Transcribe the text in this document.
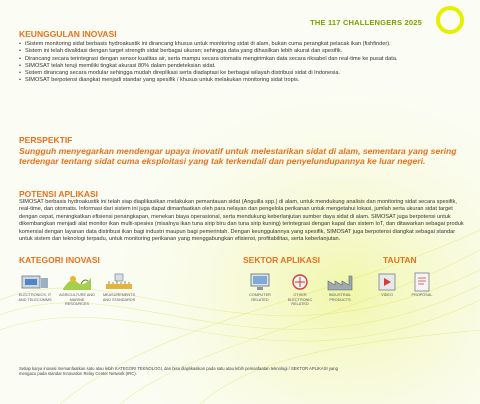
THE 117 CHALLENGERS 2025
KEUNGGULAN INOVASI
• iSistem monitoring sidat berbasis hydroakustik ini dirancang khusus untuk monitoring sidat di alam, bukan cuma perangkat pelacak ikan (fishfinder).
• Sistem ini telah divalidasi dengan target strength sidat berbagai ukuran; sehingga data yang dihasilkan lebih akurat dan spesifik.
• Dirancang secara terintegrasi dengan sensor kualitas air, serta mampu secara otomatis mengirimkan data secara riksabel dan real-time ke pusat data.
• SIMOSAT telah teruji memiliki tingkat akurasi 80% dalam pendeteksian sidat.
• Sistem dirancang secara modular sehingga mudah direplikasi serta diadaptasi ke berbagai wilayah distribusi sidat di Indonesia.
• SIMOSAT berpotensi diangkat menjadi standar yang spesifik / khusus untuk melakukan monitoring sidat tropis.
PERSPEKTIF
Sungguh menyegarkan mendengar upaya inovatif untuk melestarikan sidat di alam, sementara yang sering terdengar tentang sidat cuma eksploitasi yang tak terkendali dan penyelundupannya ke luar negeri.
POTENSI APLIKASI

SIMOSAT berbasis hydroakustik ini telah siap diaplikasikan melakukan pemantauan sidat (Anguilla spp.) di alam, untuk mendukung analisis dan monitoring sidat secara spesifik, real-time, dan otomatis. Informasi dari sistem ini juga dapat dimanfaatkan oleh para nelayan dan pengelola perikanan untuk mengetahui lokasi, jumlah serta ukuran sidat target dengan cepat, meningkatkan efisiensi penangkapan, menekan biaya operasional, serta mendukung keberlanjutan sumber daya sidat di alam. SIMOSAT juga berpotensi untuk dikembangkan menjadi alat monitor ikan multi-spesies (misalnya ikan tuna sirip biru dan tuna sirip kuning) terintegrasi dengan kapal dan sistem IoT, dan ditawarkan sebagai produk komersial dengan layanan data distribusi ikan bagi industri maupun bagi pemerintah. Dengan keunggulannya yang spesifik, SIMOSAT juga berpotensi diangkat sebagai standar untuk sistem dan teknologi terpadu, untuk monitoring perikanan yang menggabungkan efisiensi, profitabilitas, serta keberlanjutan.

KATEGORI INOVASI	SEKTOR APLIKASI	TAUTAN
ELECTRONICS, IT AND TELECOMMS
AGRICULTURE AND MARINE RESOURCES
MEASUREMENTS AND STANDARDS
COMPUTER RELATED
OTHER ELECTRONIC RELATED
INDUSTRIAL PRODUCTS
VIDEO	PROPOSAL
Setiap karya inovasi memanfaatkan satu atau lebih KATEGORI TEKNOLOGI, dan bisa diaplikasikan pada satu atau lebih pemanfaatan teknologi / SEKTOR APLIKASI yang mengacu pada standar Innovation Relay Center Network (IRC).
